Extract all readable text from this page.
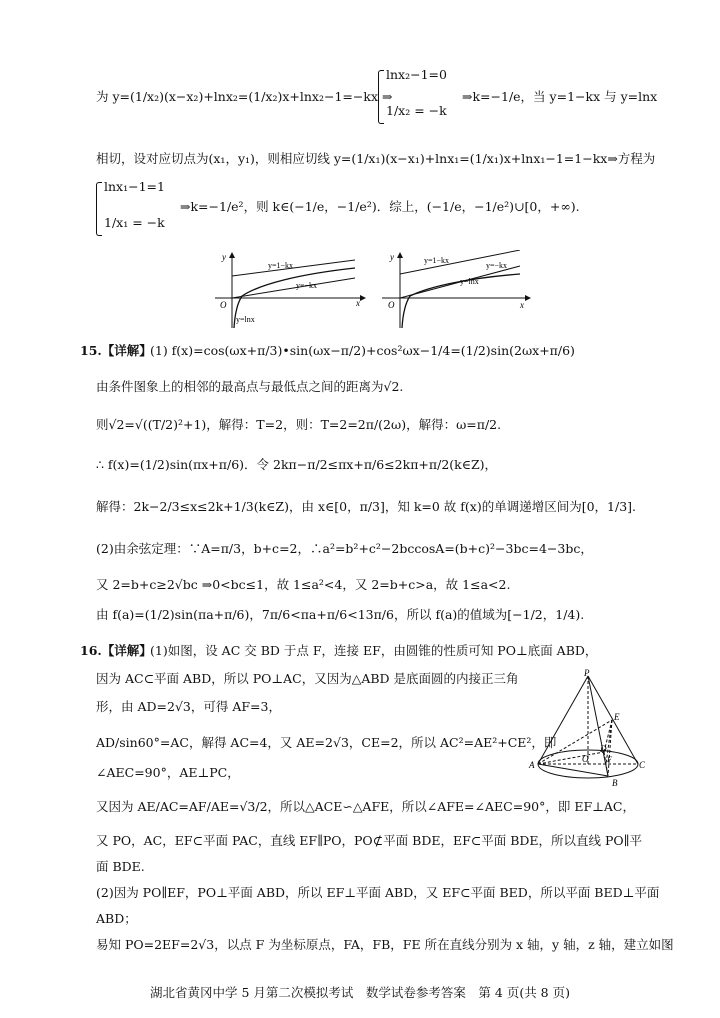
为 y=(1/x₂)(x−x₂)+lnx₂=(1/x₂)x+lnx₂−1=−kx ⇒
lnx₂−1=0
1/x₂ = −k
⇒k=−1/e，当 y=1−kx 与 y=lnx
相切，设对应切点为(x₁，y₁)，则相应切线 y=(1/x₁)(x−x₁)+lnx₁=(1/x₁)x+lnx₁−1=1−kx⇒方程为
lnx₁−1=1
1/x₁ = −k
⇒k=−1/e²，则 k∈(−1/e，−1/e²)．综上，(−1/e，−1/e²)∪[0，+∞).
y
x
O
y=1−kx
y=−kx
y=lnx
y
x
O
y=1−kx
y=−kx
y=lnx
15.【详解】
(1) f(x)=cos(ωx+π/3)•sin(ωx−π/2)+cos²ωx−1/4=(1/2)sin(2ωx+π/6)
由条件图象上的相邻的最高点与最低点之间的距离为√2.
则√2=√((T/2)²+1)，解得：T=2，则：T=2=2π/(2ω)，解得：ω=π/2.
∴ f(x)=(1/2)sin(πx+π/6)．令 2kπ−π/2≤πx+π/6≤2kπ+π/2(k∈Z)，
解得：2k−2/3≤x≤2k+1/3(k∈Z)，由 x∈[0，π/3]，知 k=0 故 f(x)的单调递增区间为[0，1/3].
(2)由余弦定理：∵A=π/3，b+c=2，∴a²=b²+c²−2bccosA=(b+c)²−3bc=4−3bc，
又 2=b+c≥2√bc ⇒0<bc≤1，故 1≤a²<4，又 2=b+c>a，故 1≤a<2.
由 f(a)=(1/2)sin(πa+π/6)，7π/6<πa+π/6<13π/6，所以 f(a)的值域为[−1/2，1/4).
16.【详解】
(1)如图，设 AC 交 BD 于点 F，连接 EF，由圆锥的性质可知 PO⊥底面 ABD，
因为 AC⊂平面 ABD，所以 PO⊥AC，又因为△ABD 是底面圆的内接正三角
形，由 AD=2√3，可得 AF=3，
AD/sin60°=AC，解得 AC=4，又 AE=2√3，CE=2，所以 AC²=AE²+CE²，即
∠AEC=90°，AE⊥PC，
又因为 AE/AC=AF/AE=√3/2，所以△ACE∽△AFE，所以∠AFE=∠AEC=90°，即 EF⊥AC，
又 PO，AC，EF⊂平面 PAC，直线 EF∥PO，PO⊄平面 BDE，EF⊂平面 BDE，所以直线 PO∥平
面 BDE.
(2)因为 PO∥EF，PO⊥平面 ABD，所以 EF⊥平面 ABD，又 EF⊂平面 BED，所以平面 BED⊥平面
ABD；
易知 PO=2EF=2√3，以点 F 为坐标原点，FA，FB，FE 所在直线分别为 x 轴，y 轴，z 轴，建立如图
P
E
A	C
B
D
O F
湖北省黄冈中学 5 月第二次模拟考试　数学试卷参考答案　第 4 页(共 8 页)
